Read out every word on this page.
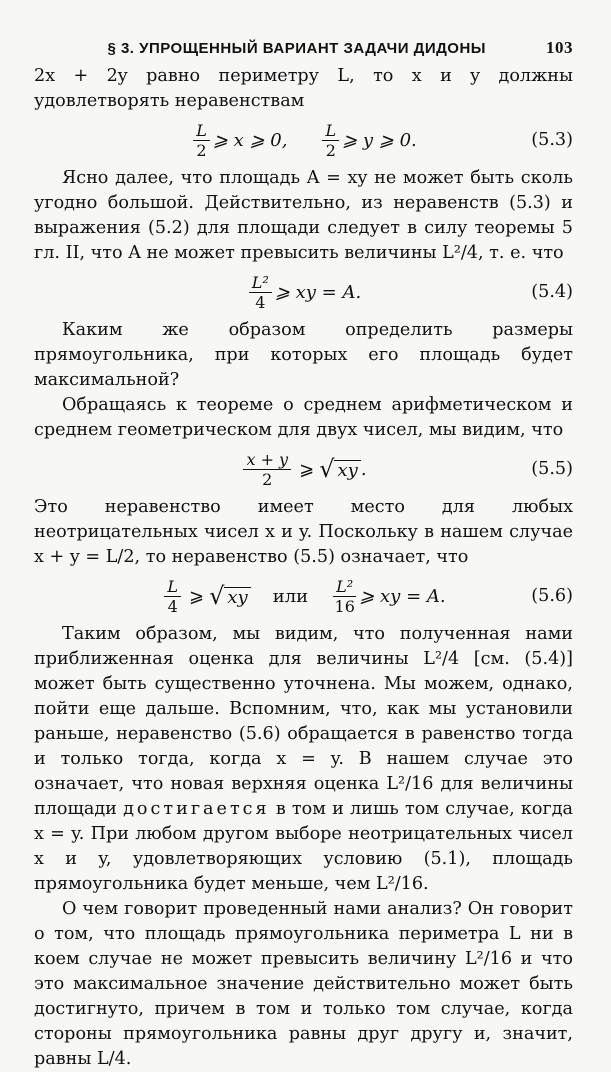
§ 3. УПРОЩЕННЫЙ ВАРИАНТ ЗАДАЧИ ДИДОНЫ	103

2x + 2y равно периметру L, то x и y должны удовлетворять неравенствам

$\frac{L}{2}$ ⩾ x ⩾ 0, $\frac{L}{2}$ ⩾ y ⩾ 0.	(5.3)

Ясно далее, что площадь A = xy не может быть сколь угодно большой. Действительно, из неравенств (5.3) и выражения (5.2) для площади следует в силу теоремы 5 гл. II, что A не может превысить величины L²/4, т. е. что

$\frac{\text{L²}}{4}$ ⩾ xy = A.	(5.4)

Каким же образом определить размеры прямоугольника, при которых его площадь будет максимальной?

Обращаясь к теореме о среднем арифметическом и среднем геометрическом для двух чисел, мы видим, что

$\frac{x + y}{2}$ ⩾ √ xy .	(5.5)

Это неравенство имеет место для любых неотрицательных чисел x и y. Поскольку в нашем случае x + y = L/2, то неравенство (5.5) означает, что

$\frac{L}{4}$ ⩾ √ xy или $\frac{\text{L²}}{16}$ ⩾ xy = A.	(5.6)

Таким образом, мы видим, что полученная нами приближенная оценка для величины L²/4 [см. (5.4)] может быть существенно уточнена. Мы можем, однако, пойти еще дальше. Вспомним, что, как мы установили раньше, неравенство (5.6) обращается в равенство тогда и только тогда, когда x = y. В нашем случае это означает, что новая верхняя оценка L²/16 для величины площади достигается в том и лишь том случае, когда x = y. При любом другом выборе неотрицательных чисел x и y, удовлетворяющих условию (5.1), площадь прямоугольника будет меньше, чем L²/16.

О чем говорит проведенный нами анализ? Он говорит о том, что площадь прямоугольника периметра L ни в коем случае не может превысить величину L²/16 и что это максимальное значение действительно может быть достигнуто, причем в том и только том случае, когда стороны прямоугольника равны друг другу и, значит, равны L/4.
